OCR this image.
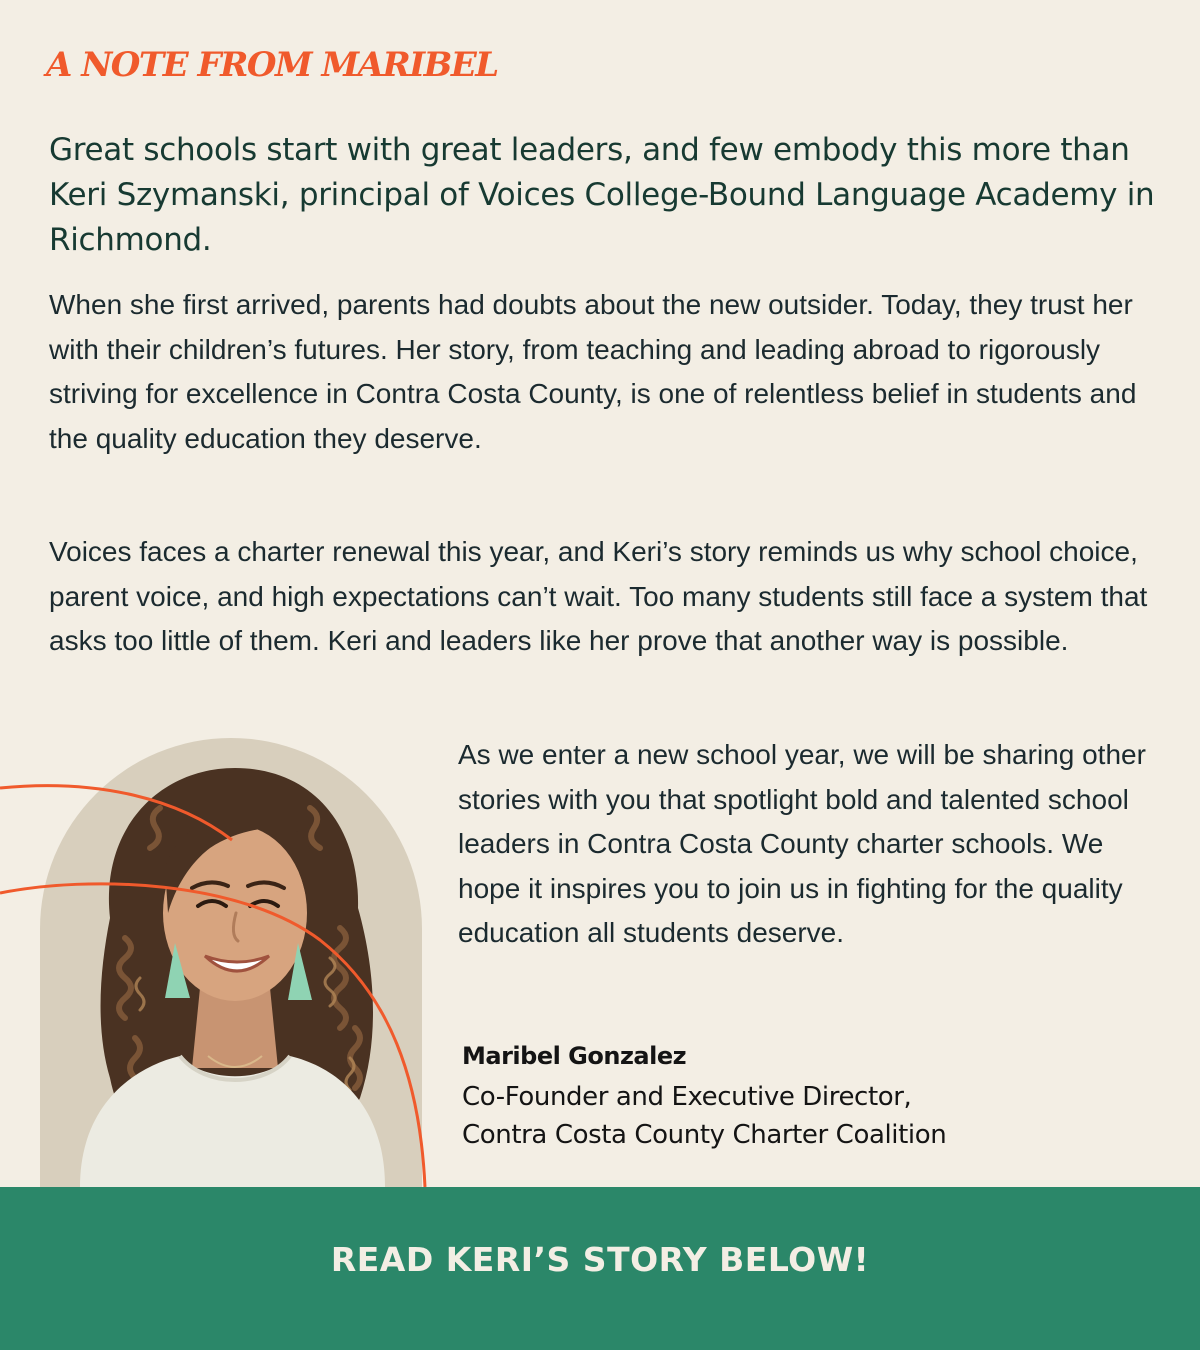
A NOTE FROM MARIBEL

Great schools start with great leaders, and few embody this more than Keri Szymanski, principal of Voices College-Bound Language Academy in Richmond.

When she first arrived, parents had doubts about the new outsider. Today, they trust her with their children’s futures. Her story, from teaching and leading abroad to rigorously striving for excellence in Contra Costa County, is one of relentless belief in students and the quality education they deserve.

Voices faces a charter renewal this year, and Keri’s story reminds us why school choice, parent voice, and high expectations can’t wait. Too many students still face a system that asks too little of them. Keri and leaders like her prove that another way is possible.

As we enter a new school year, we will be sharing other stories with you that spotlight bold and talented school leaders in Contra Costa County charter schools. We hope it inspires you to join us in fighting for the quality education all students deserve.

Maribel Gonzalez

Co-Founder and Executive Director,
Contra Costa County Charter Coalition

READ KERI’S STORY BELOW!
